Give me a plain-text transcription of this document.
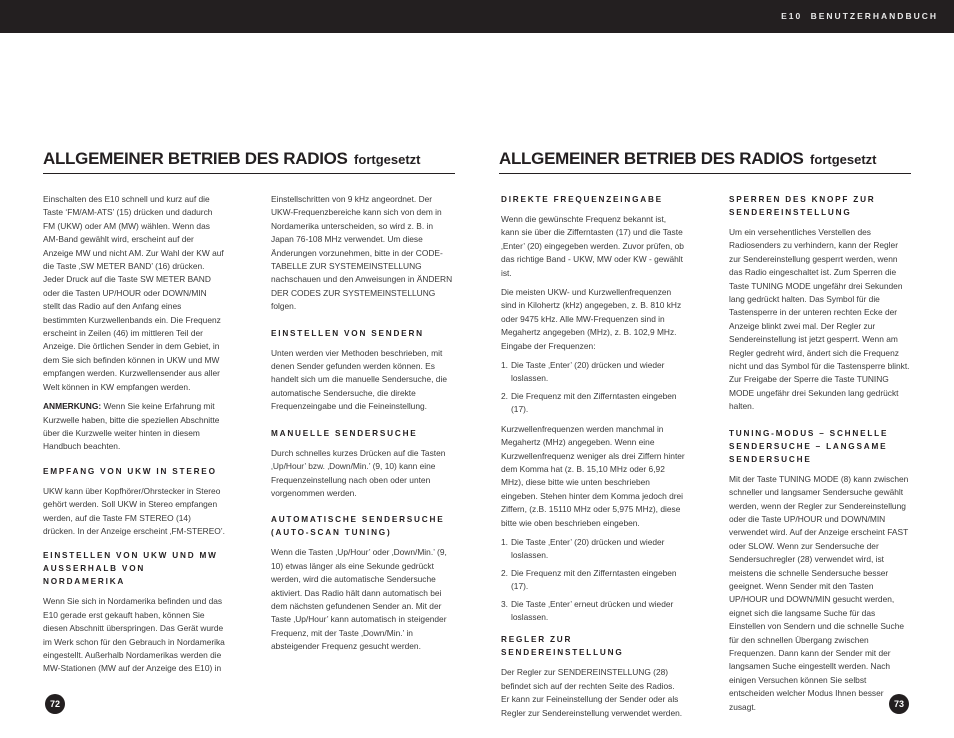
E10 BENUTZERHANDBUCH
ALLGEMEINER BETRIEB DES RADIOS fortgesetzt

Einschalten des E10 schnell und kurz auf die Taste ‘FM/AM-ATS’ (15) drücken und dadurch FM (UKW) oder AM (MW) wählen. Wenn das AM-Band gewählt wird, erscheint auf der Anzeige MW und nicht AM. Zur Wahl der KW auf die Taste ‚SW METER BAND’ (16) drücken. Jeder Druck auf die Taste SW METER BAND oder die Tasten UP/HOUR oder DOWN/MIN stellt das Radio auf den Anfang eines bestimmten Kurzwellenbands ein. Die Frequenz erscheint in Zeilen (46) im mittleren Teil der Anzeige. Die örtlichen Sender in dem Gebiet, in dem Sie sich befinden können in UKW und MW empfangen werden. Kurzwellensender aus aller Welt können in KW empfangen werden.

ANMERKUNG: Wenn Sie keine Erfahrung mit Kurzwelle haben, bitte die speziellen Abschnitte über die Kurzwelle weiter hinten in diesem Handbuch beachten.

EMPFANG VON UKW IN STEREO

UKW kann über Kopfhörer/Ohrstecker in Stereo gehört werden. Soll UKW in Stereo empfangen werden, auf die Taste FM STEREO (14) drücken. In der Anzeige erscheint ‚FM-STEREO’.

EINSTELLEN VON UKW UND MW AUSSERHALB VON NORDAMERIKA

Wenn Sie sich in Nordamerika befinden und das E10 gerade erst gekauft haben, können Sie diesen Abschnitt überspringen. Das Gerät wurde im Werk schon für den Gebrauch in Nordamerika eingestellt. Außerhalb Nordamerikas werden die MW-Stationen (MW auf der Anzeige des E10) in

Einstellschritten von 9 kHz angeordnet. Der UKW-Frequenzbereiche kann sich von dem in Nordamerika unterscheiden, so wird z. B. in Japan 76-108 MHz verwendet. Um diese Änderungen vorzunehmen, bitte in der CODE-TABELLE ZUR SYSTEMEINSTELLUNG nachschauen und den Anweisungen in ÄNDERN DER CODES ZUR SYSTEMEINSTELLUNG folgen.

EINSTELLEN VON SENDERN

Unten werden vier Methoden beschrieben, mit denen Sender gefunden werden können. Es handelt sich um die manuelle Sendersuche, die automatische Sendersuche, die direkte Frequenzeingabe und die Feineinstellung.

MANUELLE SENDERSUCHE

Durch schnelles kurzes Drücken auf die Tasten ‚Up/Hour’ bzw. ‚Down/Min.’ (9, 10) kann eine Frequenzeinstellung nach oben oder unten vorgenommen werden.

AUTOMATISCHE SENDERSUCHE (AUTO-SCAN TUNING)

Wenn die Tasten ‚Up/Hour’ oder ‚Down/Min.’ (9, 10) etwas länger als eine Sekunde gedrückt werden, wird die automatische Sendersuche aktiviert. Das Radio hält dann automatisch bei dem nächsten gefundenen Sender an. Mit der Taste ‚Up/Hour’ kann automatisch in steigender Frequenz, mit der Taste ‚Down/Min.’ in absteigender Frequenz gesucht werden.

72
ALLGEMEINER BETRIEB DES RADIOS fortgesetzt
DIREKTE FREQUENZEINGABE

Wenn die gewünschte Frequenz bekannt ist, kann sie über die Zifferntasten (17) und die Taste ‚Enter’ (20) eingegeben werden. Zuvor prüfen, ob das richtige Band - UKW, MW oder KW - gewählt ist.

Die meisten UKW- und Kurzwellenfrequenzen sind in Kilohertz (kHz) angegeben, z. B. 810 kHz oder 9475 kHz. Alle MW-Frequenzen sind in Megahertz angegeben (MHz), z. B. 102,9 MHz. Eingabe der Frequenzen:

1. Die Taste ‚Enter’ (20) drücken und wieder loslassen.
2. Die Frequenz mit den Zifferntasten eingeben (17).

Kurzwellenfrequenzen werden manchmal in Megahertz (MHz) angegeben. Wenn eine Kurzwellenfrequenz weniger als drei Ziffern hinter dem Komma hat (z. B. 15,10 MHz oder 6,92 MHz), diese bitte wie unten beschrieben eingeben. Stehen hinter dem Komma jedoch drei Ziffern, (z.B. 15110 MHz oder 5,975 MHz), diese bitte wie oben beschrieben eingeben.

1. Die Taste ‚Enter’ (20) drücken und wieder loslassen.
2. Die Frequenz mit den Zifferntasten eingeben (17).
3. Die Taste ‚Enter’ erneut drücken und wieder loslassen.
REGLER ZUR SENDEREINSTELLUNG

Der Regler zur SENDEREINSTELLUNG (28) befindet sich auf der rechten Seite des Radios. Er kann zur Feineinstellung der Sender oder als Regler zur Sendereinstellung verwendet werden.

SPERREN DES KNOPF ZUR SENDEREINSTELLUNG

Um ein versehentliches Verstellen des Radiosenders zu verhindern, kann der Regler zur Sendereinstellung gesperrt werden, wenn das Radio eingeschaltet ist. Zum Sperren die Taste TUNING MODE ungefähr drei Sekunden lang gedrückt halten. Das Symbol für die Tastensperre in der unteren rechten Ecke der Anzeige blinkt zwei mal. Der Regler zur Sendereinstellung ist jetzt gesperrt. Wenn am Regler gedreht wird, ändert sich die Frequenz nicht und das Symbol für die Tastensperre blinkt. Zur Freigabe der Sperre die Taste TUNING MODE ungefähr drei Sekunden lang gedrückt halten.

TUNING-MODUS – SCHNELLE SENDERSUCHE – LANGSAME SENDERSUCHE

Mit der Taste TUNING MODE (8) kann zwischen schneller und langsamer Sendersuche gewählt werden, wenn der Regler zur Sendereinstellung oder die Taste UP/HOUR und DOWN/MIN verwendet wird. Auf der Anzeige erscheint FAST oder SLOW. Wenn zur Sendersuche der Sendersuchregler (28) verwendet wird, ist meistens die schnelle Sendersuche besser geeignet. Wenn Sender mit den Tasten UP/HOUR und DOWN/MIN gesucht werden, eignet sich die langsame Suche für das Einstellen von Sendern und die schnelle Suche für den schnellen Übergang zwischen Frequenzen. Dann kann der Sender mit der langsamen Suche eingestellt werden. Nach einigen Versuchen können Sie selbst entscheiden welcher Modus Ihnen besser zusagt.	73
